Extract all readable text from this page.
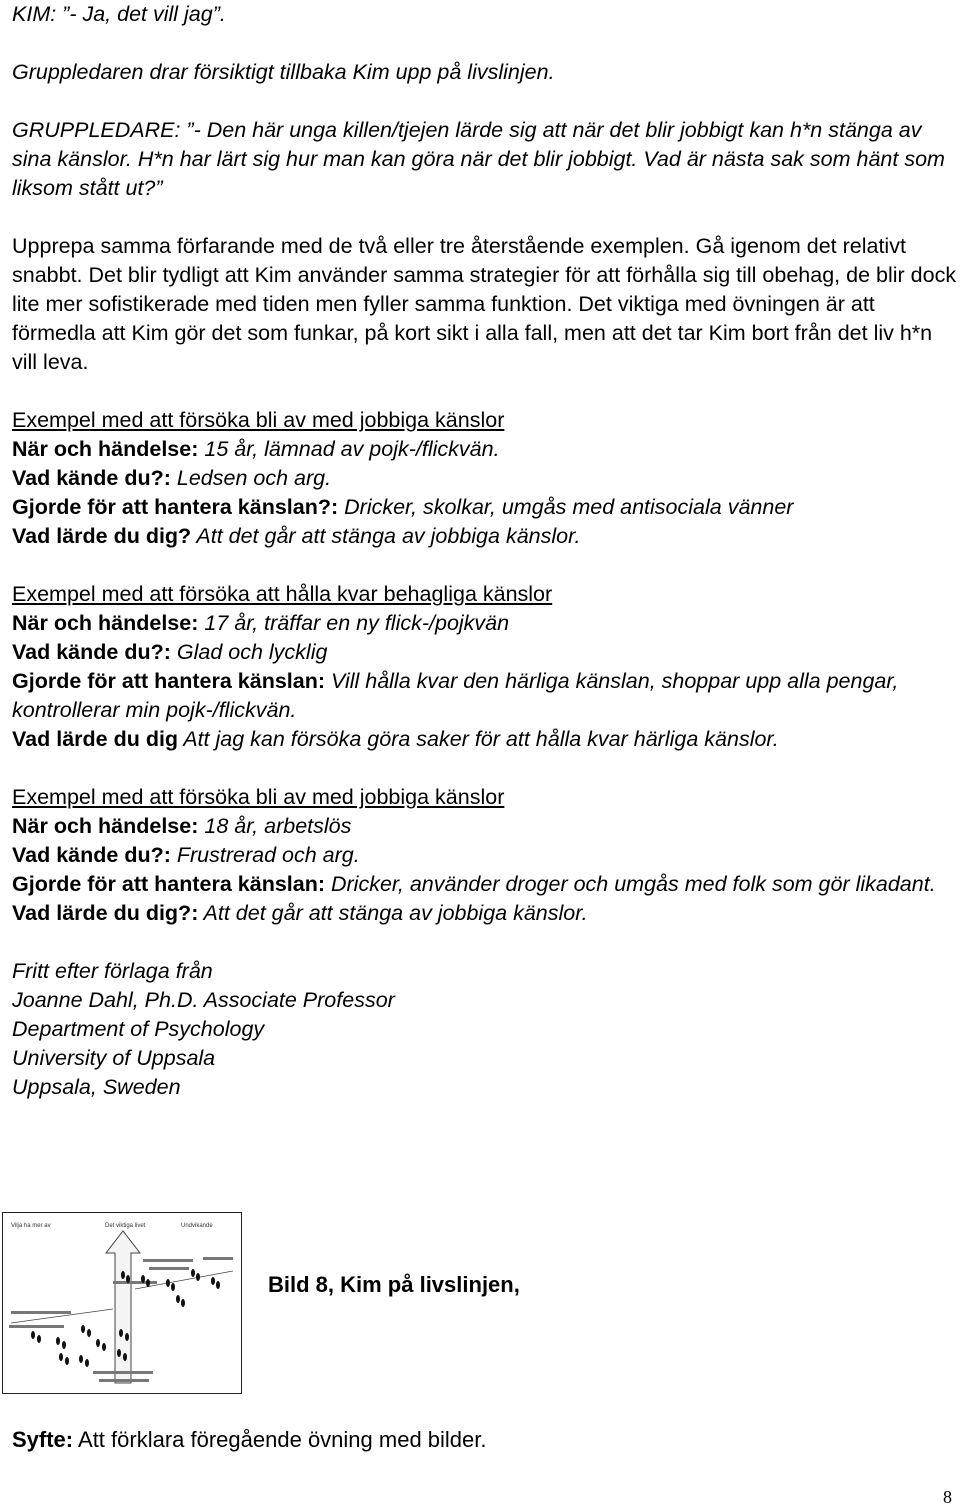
KIM: ”- Ja, det vill jag”.

Gruppledaren drar försiktigt tillbaka Kim upp på livslinjen.

GRUPPLEDARE: ”- Den här unga killen/tjejen lärde sig att när det blir jobbigt kan h*n stänga av sina känslor. H*n har lärt sig hur man kan göra när det blir jobbigt. Vad är nästa sak som hänt som liksom stått ut?”

Upprepa samma förfarande med de två eller tre återstående exemplen. Gå igenom det relativt snabbt. Det blir tydligt att Kim använder samma strategier för att förhålla sig till obehag, de blir dock lite mer sofistikerade med tiden men fyller samma funktion. Det viktiga med övningen är att förmedla att Kim gör det som funkar, på kort sikt i alla fall, men att det tar Kim bort från det liv h*n vill leva.

Exempel med att försöka bli av med jobbiga känslor

När och händelse: 15 år, lämnad av pojk-/flickvän.

Vad kände du?: Ledsen och arg.

Gjorde för att hantera känslan?: Dricker, skolkar, umgås med antisociala vänner

Vad lärde du dig? Att det går att stänga av jobbiga känslor.

Exempel med att försöka att hålla kvar behagliga känslor

När och händelse: 17 år, träffar en ny flick-/pojkvän

Vad kände du?: Glad och lycklig

Gjorde för att hantera känslan: Vill hålla kvar den härliga känslan, shoppar upp alla pengar, kontrollerar min pojk-/flickvän.

Vad lärde du dig Att jag kan försöka göra saker för att hålla kvar härliga känslor.

Exempel med att försöka bli av med jobbiga känslor

När och händelse: 18 år, arbetslös

Vad kände du?: Frustrerad och arg.

Gjorde för att hantera känslan: Dricker, använder droger och umgås med folk som gör likadant.

Vad lärde du dig?: Att det går att stänga av jobbiga känslor.

Fritt efter förlaga från

Joanne Dahl, Ph.D. Associate Professor

Department of Psychology

University of Uppsala

Uppsala, Sweden

Vilja ha mer av	Det viktiga livet	Undvikande
Bild 8, Kim på livslinjen,
Syfte: Att förklara föregående övning med bilder.
8
